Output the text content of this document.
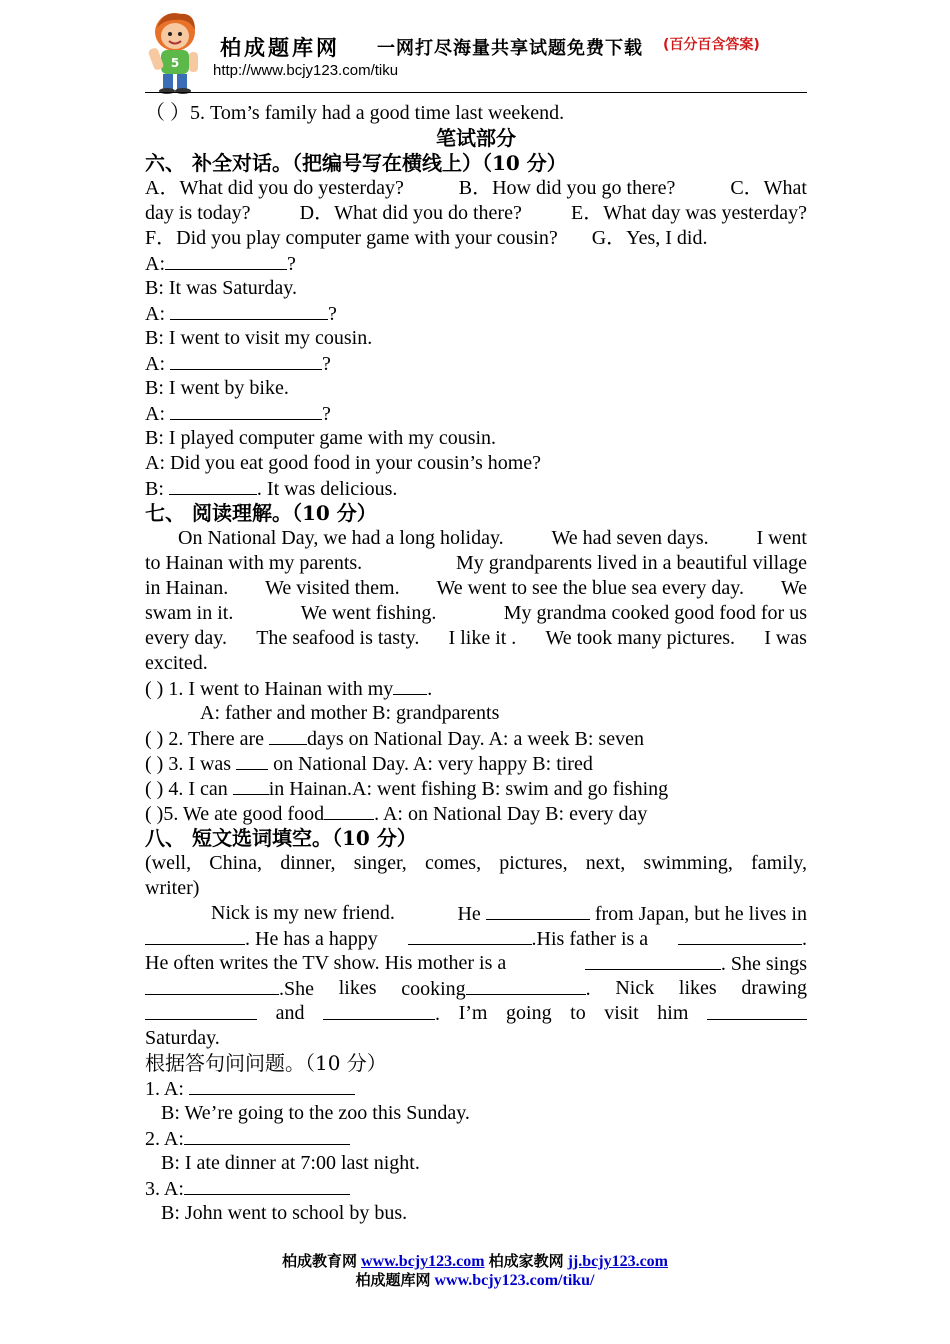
5
柏成题库网 一网打尽海量共享试题免费下载 (百分百含答案)
http://www.bcjy123.com/tiku
（ ）5. Tom’s family had a good time last weekend.
笔试部分
六、 补全对话。（把编号写在横线上）（10 分）
A．What did you do yesterday?	B．How did you go there?	C．What
day is today? D．What did you do there? E．What day was yesterday?
F．Did you play computer game with your cousin? G．Yes, I did.
A:	?
B: It was Saturday.
A:	?
B: I went to visit my cousin.
A:	?
B: I went by bike.
A:	?
B: I played computer game with my cousin.
A: Did you eat good food in your cousin’s home?
B:	. It was delicious.
七、 阅读理解。（10 分）
On National Day, we had a long holiday. We had seven days. I went
to Hainan with my parents.	My grandparents lived in a beautiful village
in Hainan. We visited them. We went to see the blue sea every day. We
swam in it.	We went fishing.	My grandma cooked good food for us
every day. The seafood is tasty. I like it . We took many pictures. I was
excited.
( ) 1. I went to Hainan with my .
A: father and mother B: grandparents
( ) 2. There are days on National Day. A: a week B: seven
( ) 3. I was  on National Day. A: very happy B: tired
( ) 4. I can in Hainan.A: went fishing B: swim and go fishing
( )5. We ate good food	. A: on National Day B: every day
八、 短文选词填空。（10 分）
(well, China, dinner, singer, comes, pictures, next, swimming, family,
writer)
Nick is my new friend.	He	from Japan, but he lives in
. He has a happy	.His father is a	.
He often writes the TV show. His mother is a	. She sings
.She likes cooking	. Nick likes drawing
and	. I’m going to visit him
Saturday.
根据答句问问题。（10 分）
1. A:
B: We’re going to the zoo this Sunday.
2. A:
B: I ate dinner at 7:00 last night.
3. A:
B: John went to school by bus.
柏成教育网 www.bcjy123.com 柏成家教网 jj.bcjy123.com
柏成题库网 www.bcjy123.com/tiku/
